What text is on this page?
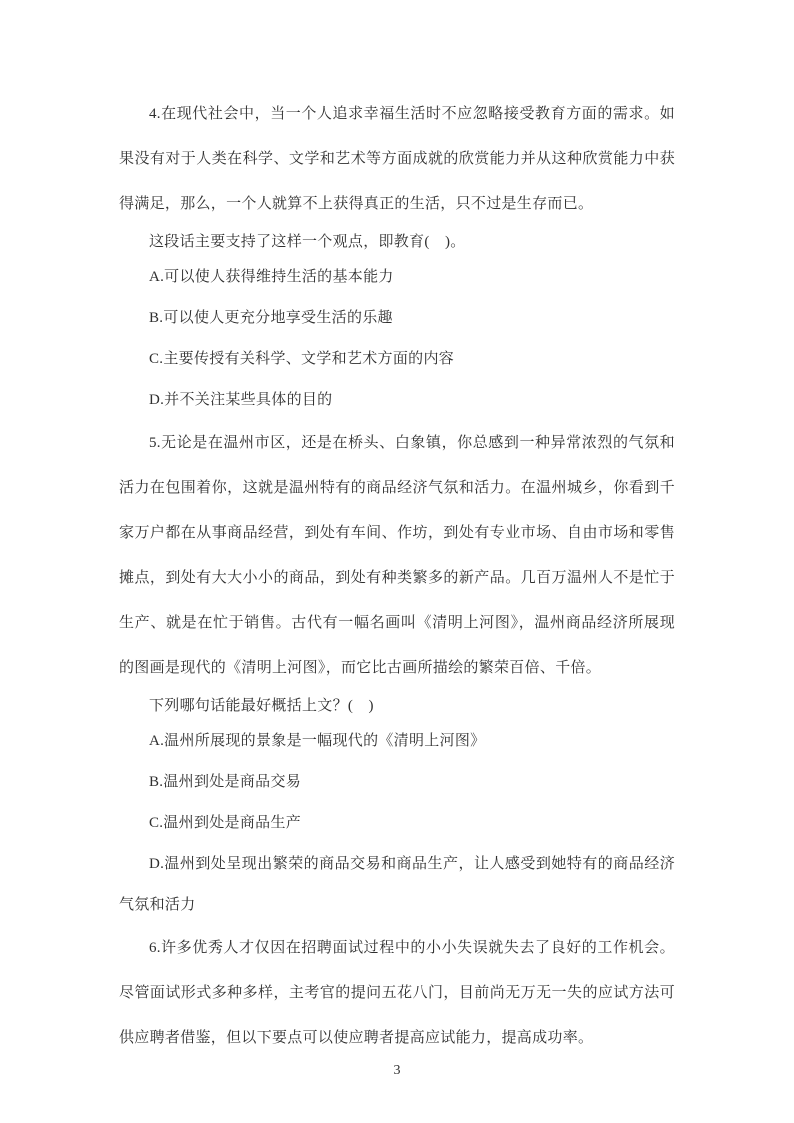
4.在现代社会中，当一个人追求幸福生活时不应忽略接受教育方面的需求。如果没有对于人类在科学、文学和艺术等方面成就的欣赏能力并从这种欣赏能力中获得满足，那么，一个人就算不上获得真正的生活，只不过是生存而已。

这段话主要支持了这样一个观点，即教育(　)。

A.可以使人获得维持生活的基本能力

B.可以使人更充分地享受生活的乐趣

C.主要传授有关科学、文学和艺术方面的内容

D.并不关注某些具体的目的

5.无论是在温州市区，还是在桥头、白象镇，你总感到一种异常浓烈的气氛和活力在包围着你，这就是温州特有的商品经济气氛和活力。在温州城乡，你看到千家万户都在从事商品经营，到处有车间、作坊，到处有专业市场、自由市场和零售摊点，到处有大大小小的商品，到处有种类繁多的新产品。几百万温州人不是忙于生产、就是在忙于销售。古代有一幅名画叫《清明上河图》，温州商品经济所展现的图画是现代的《清明上河图》，而它比古画所描绘的繁荣百倍、千倍。

下列哪句话能最好概括上文？(　)

A.温州所展现的景象是一幅现代的《清明上河图》

B.温州到处是商品交易

C.温州到处是商品生产

D.温州到处呈现出繁荣的商品交易和商品生产，让人感受到她特有的商品经济气氛和活力

6.许多优秀人才仅因在招聘面试过程中的小小失误就失去了良好的工作机会。尽管面试形式多种多样，主考官的提问五花八门，目前尚无万无一失的应试方法可供应聘者借鉴，但以下要点可以使应聘者提高应试能力，提高成功率。

3
